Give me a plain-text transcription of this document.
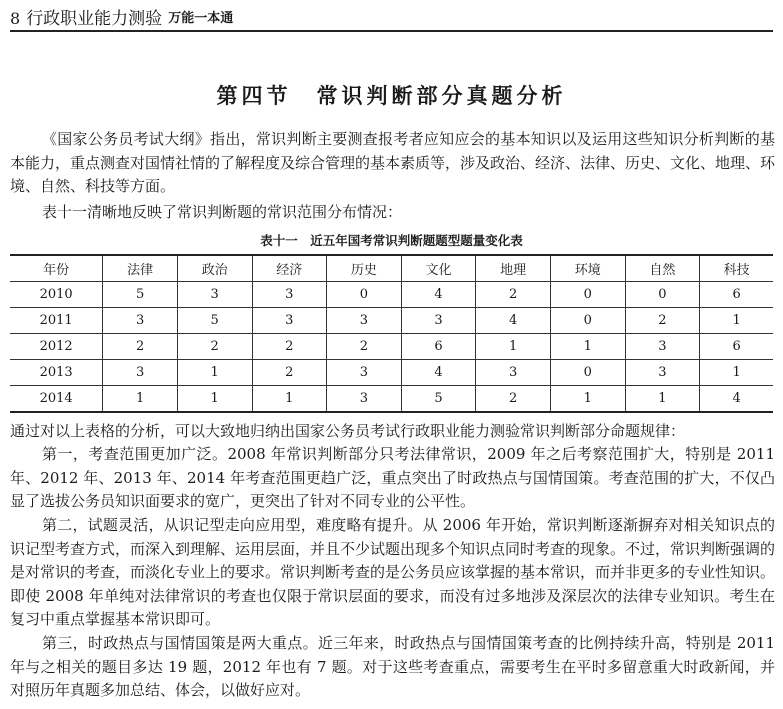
8 行政职业能力测验 万能一本通
第四节　常识判断部分真题分析

《国家公务员考试大纲》指出，常识判断主要测查报考者应知应会的基本知识以及运用这些知识分析判断的基本能力，重点测查对国情社情的了解程度及综合管理的基本素质等，涉及政治、经济、法律、历史、文化、地理、环境、自然、科技等方面。

表十一清晰地反映了常识判断题的常识范围分布情况：

表十一　近五年国考常识判断题题型题量变化表
年份	法律	政治	经济	历史	文化	地理	环境	自然	科技
2010	5	3	3	0	4	2	0	0	6
2011	3	5	3	3	3	4	0	2	1
2012	2	2	2	2	6	1	1	3	6
2013	3	1	2	3	4	3	0	3	1
2014	1	1	1	3	5	2	1	1	4

通过对以上表格的分析，可以大致地归纳出国家公务员考试行政职业能力测验常识判断部分命题规律：

第一，考查范围更加广泛。2008 年常识判断部分只考法律常识，2009 年之后考察范围扩大，特别是 2011 年、2012 年、2013 年、2014 年考查范围更趋广泛，重点突出了时政热点与国情国策。考查范围的扩大，不仅凸显了选拔公务员知识面要求的宽广，更突出了针对不同专业的公平性。

第二，试题灵活，从识记型走向应用型，难度略有提升。从 2006 年开始，常识判断逐渐摒弃对相关知识点的识记型考查方式，而深入到理解、运用层面，并且不少试题出现多个知识点同时考查的现象。不过，常识判断强调的是对常识的考查，而淡化专业上的要求。常识判断考查的是公务员应该掌握的基本常识，而并非更多的专业性知识。即使 2008 年单纯对法律常识的考查也仅限于常识层面的要求，而没有过多地涉及深层次的法律专业知识。考生在复习中重点掌握基本常识即可。

第三，时政热点与国情国策是两大重点。近三年来，时政热点与国情国策考查的比例持续升高，特别是 2011 年与之相关的题目多达 19 题，2012 年也有 7 题。对于这些考查重点，需要考生在平时多留意重大时政新闻，并对照历年真题多加总结、体会，以做好应对。
